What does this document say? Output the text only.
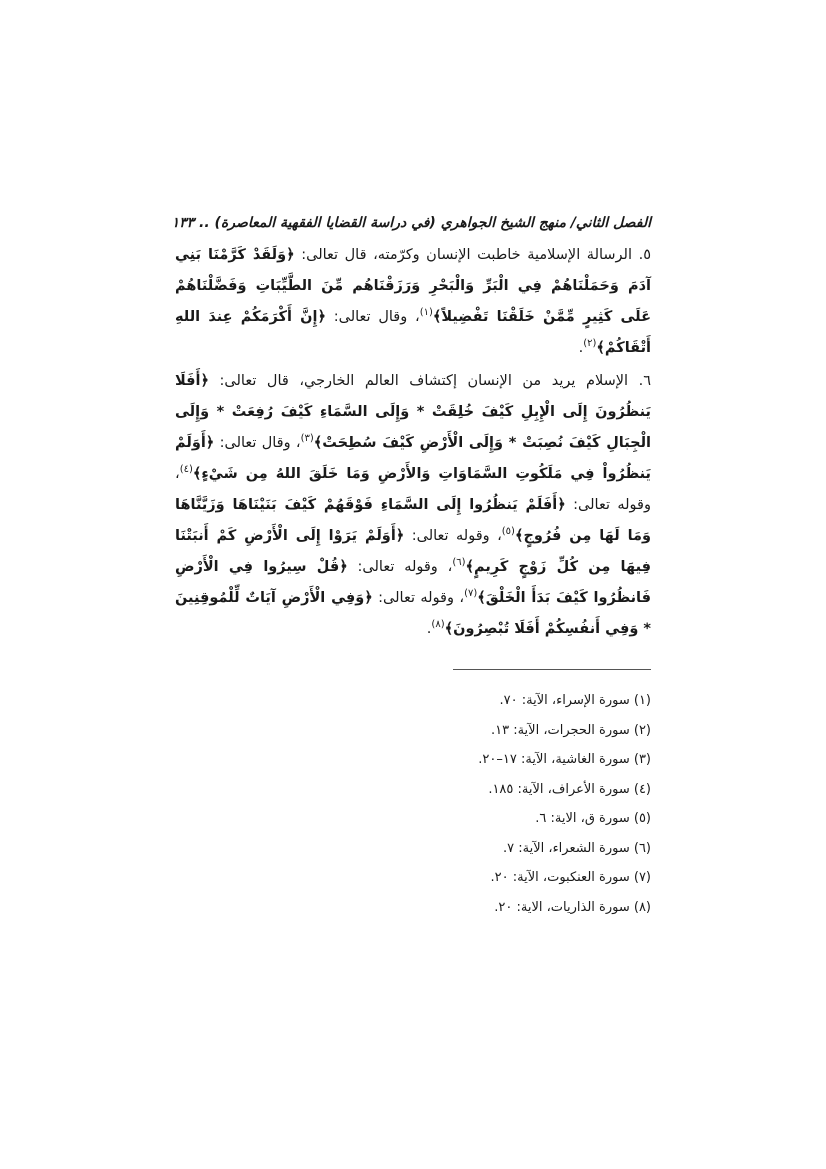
الفصل الثاني/ منهج الشيخ الجواهري (في دراسة القضايا الفقهية المعاصرة) .. ١٣٣

٥. الرسالة الإسلامية خاطبت الإنسان وكرّمته، قال تعالى: ﴿وَلَقَدْ كَرَّمْنَا بَنِي آدَمَ وَحَمَلْنَاهُمْ فِي الْبَرِّ وَالْبَحْرِ وَرَزَقْنَاهُم مِّنَ الطَّيِّبَاتِ وَفَضَّلْنَاهُمْ عَلَى كَثِيرٍ مِّمَّنْ خَلَقْنَا تَفْضِيلاً﴾$^{(١)}$، وقال تعالى: ﴿إِنَّ أَكْرَمَكُمْ عِندَ اللهِ أَتْقَاكُمْ﴾$^{(٢)}$.

٦. الإسلام يريد من الإنسان إكتشاف العالم الخارجي، قال تعالى: ﴿أَفَلَا يَنظُرُونَ إِلَى الْإِبِلِ كَيْفَ خُلِقَتْ * وَإِلَى السَّمَاءِ كَيْفَ رُفِعَتْ * وَإِلَى الْجِبَالِ كَيْفَ نُصِبَتْ * وَإِلَى الْأَرْضِ كَيْفَ سُطِحَتْ﴾$^{(٣)}$، وقال تعالى: ﴿أَوَلَمْ يَنظُرُواْ فِي مَلَكُوتِ السَّمَاوَاتِ وَالأَرْضِ وَمَا خَلَقَ اللهُ مِن شَيْءٍ﴾$^{(٤)}$، وقوله تعالى: ﴿أَفَلَمْ يَنظُرُوا إِلَى السَّمَاءِ فَوْقَهُمْ كَيْفَ بَنَيْنَاهَا وَزَيَّنَّاهَا وَمَا لَهَا مِن فُرُوجٍ﴾$^{(٥)}$، وقوله تعالى: ﴿أَوَلَمْ يَرَوْا إِلَى الْأَرْضِ كَمْ أَنبَتْنَا فِيهَا مِن كُلِّ زَوْجٍ كَرِيمٍ﴾$^{(٦)}$، وقوله تعالى: ﴿قُلْ سِيرُوا فِي الْأَرْضِ فَانظُرُوا كَيْفَ بَدَأَ الْخَلْقَ﴾$^{(٧)}$، وقوله تعالى: ﴿وَفِي الْأَرْضِ آيَاتٌ لِّلْمُوقِنِينَ * وَفِي أَنفُسِكُمْ أَفَلَا تُبْصِرُونَ﴾$^{(٨)}$.

(١) سورة الإسراء، الآية: ٧٠.
(٢) سورة الحجرات، الآية: ١٣.
(٣) سورة الغاشية، الآية: ١٧–٢٠.
(٤) سورة الأعراف، الآية: ١٨٥.
(٥) سورة ق، الاية: ٦.
(٦) سورة الشعراء، الآية: ٧.
(٧) سورة العنكبوت، الآية: ٢٠.
(٨) سورة الذاريات، الاية: ٢٠.
